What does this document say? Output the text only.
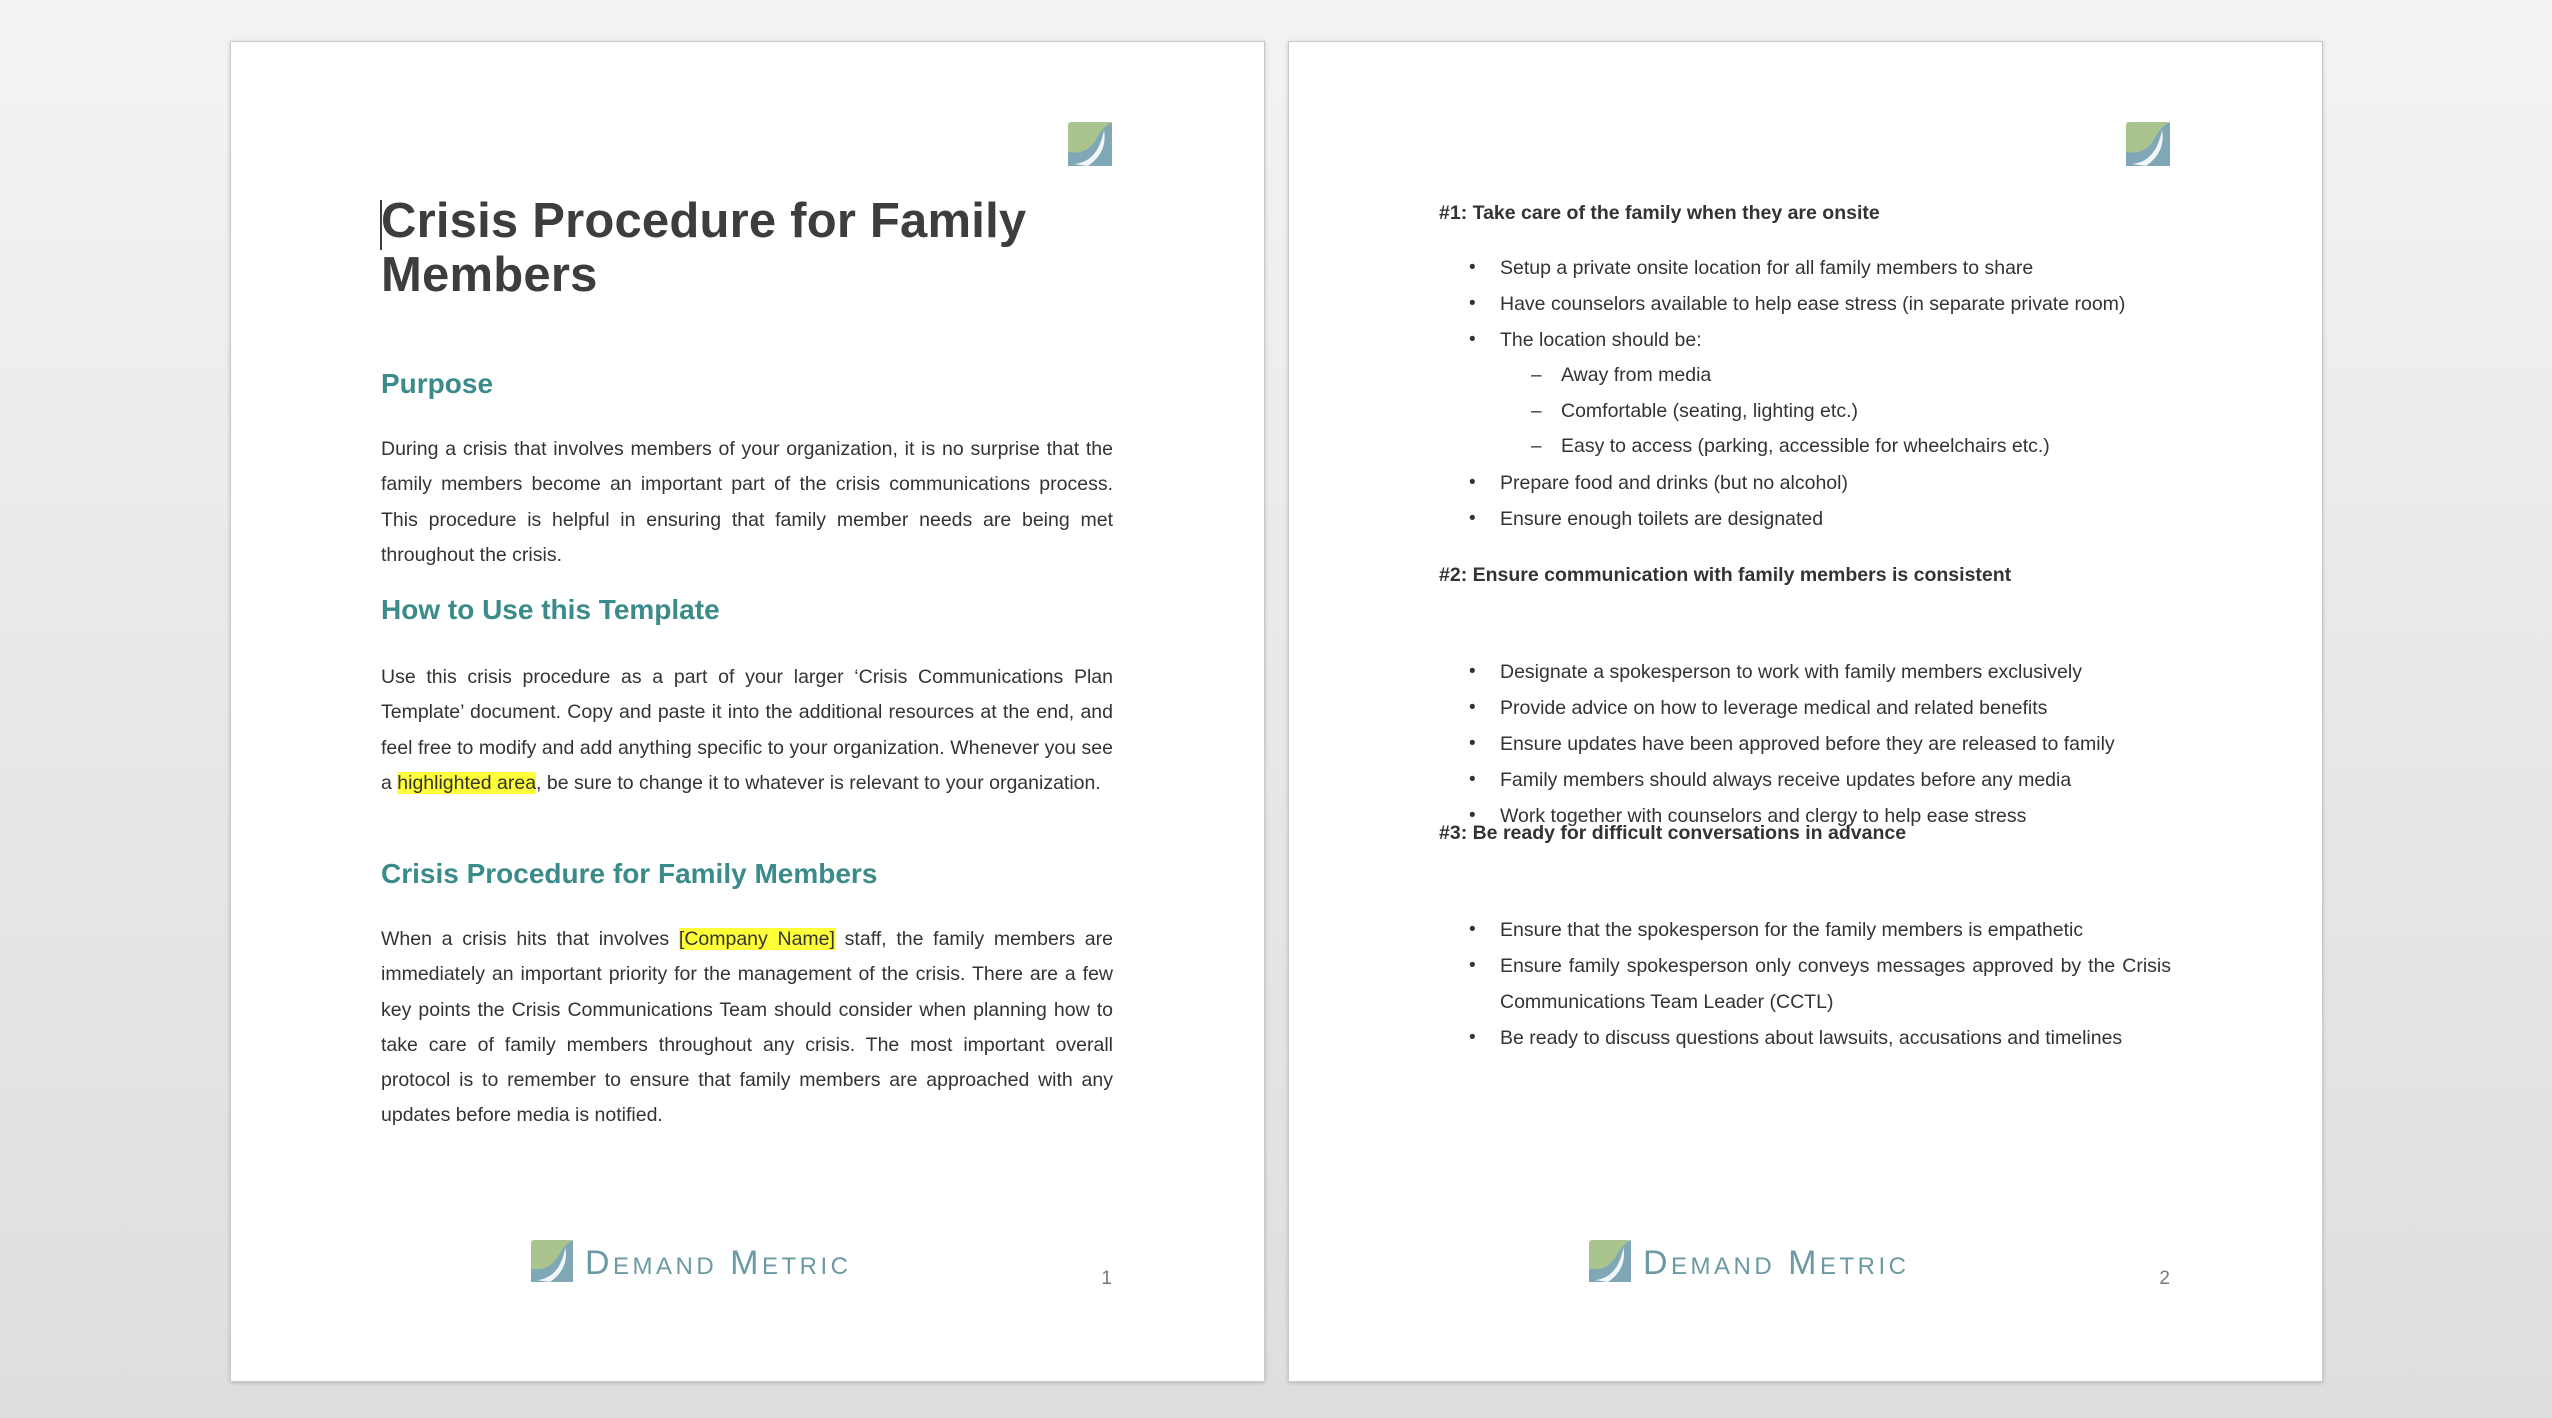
Crisis Procedure for Family Members
Purpose

During a crisis that involves members of your organization, it is no surprise that the family members become an important part of the crisis communications process. This procedure is helpful in ensuring that family member needs are being met throughout the crisis.

How to Use this Template

Use this crisis procedure as a part of your larger ‘Crisis Communications Plan Template’ document. Copy and paste it into the additional resources at the end, and feel free to modify and add anything specific to your organization. Whenever you see a highlighted area, be sure to change it to whatever is relevant to your organization.

Crisis Procedure for Family Members

When a crisis hits that involves [Company Name] staff, the family members are immediately an important priority for the management of the crisis. There are a few key points the Crisis Communications Team should consider when planning how to take care of family members throughout any crisis. The most important overall protocol is to remember to ensure that family members are approached with any updates before media is notified.

Demand Metric	1
#1: Take care of the family when they are onsite
• Setup a private onsite location for all family members to share
• Have counselors available to help ease stress (in separate private room)
• The location should be:
– Away from media
– Comfortable (seating, lighting etc.)
– Easy to access (parking, accessible for wheelchairs etc.)
• Prepare food and drinks (but no alcohol)
• Ensure enough toilets are designated
#2: Ensure communication with family members is consistent
• Designate a spokesperson to work with family members exclusively
• Provide advice on how to leverage medical and related benefits
• Ensure updates have been approved before they are released to family
• Family members should always receive updates before any media
• Work together with counselors and clergy to help ease stress
#3: Be ready for difficult conversations in advance
• Ensure that the spokesperson for the family members is empathetic
• Ensure family spokesperson only conveys messages approved by the Crisis Communications Team Leader (CCTL)
• Be ready to discuss questions about lawsuits, accusations and timelines
Demand Metric	2
